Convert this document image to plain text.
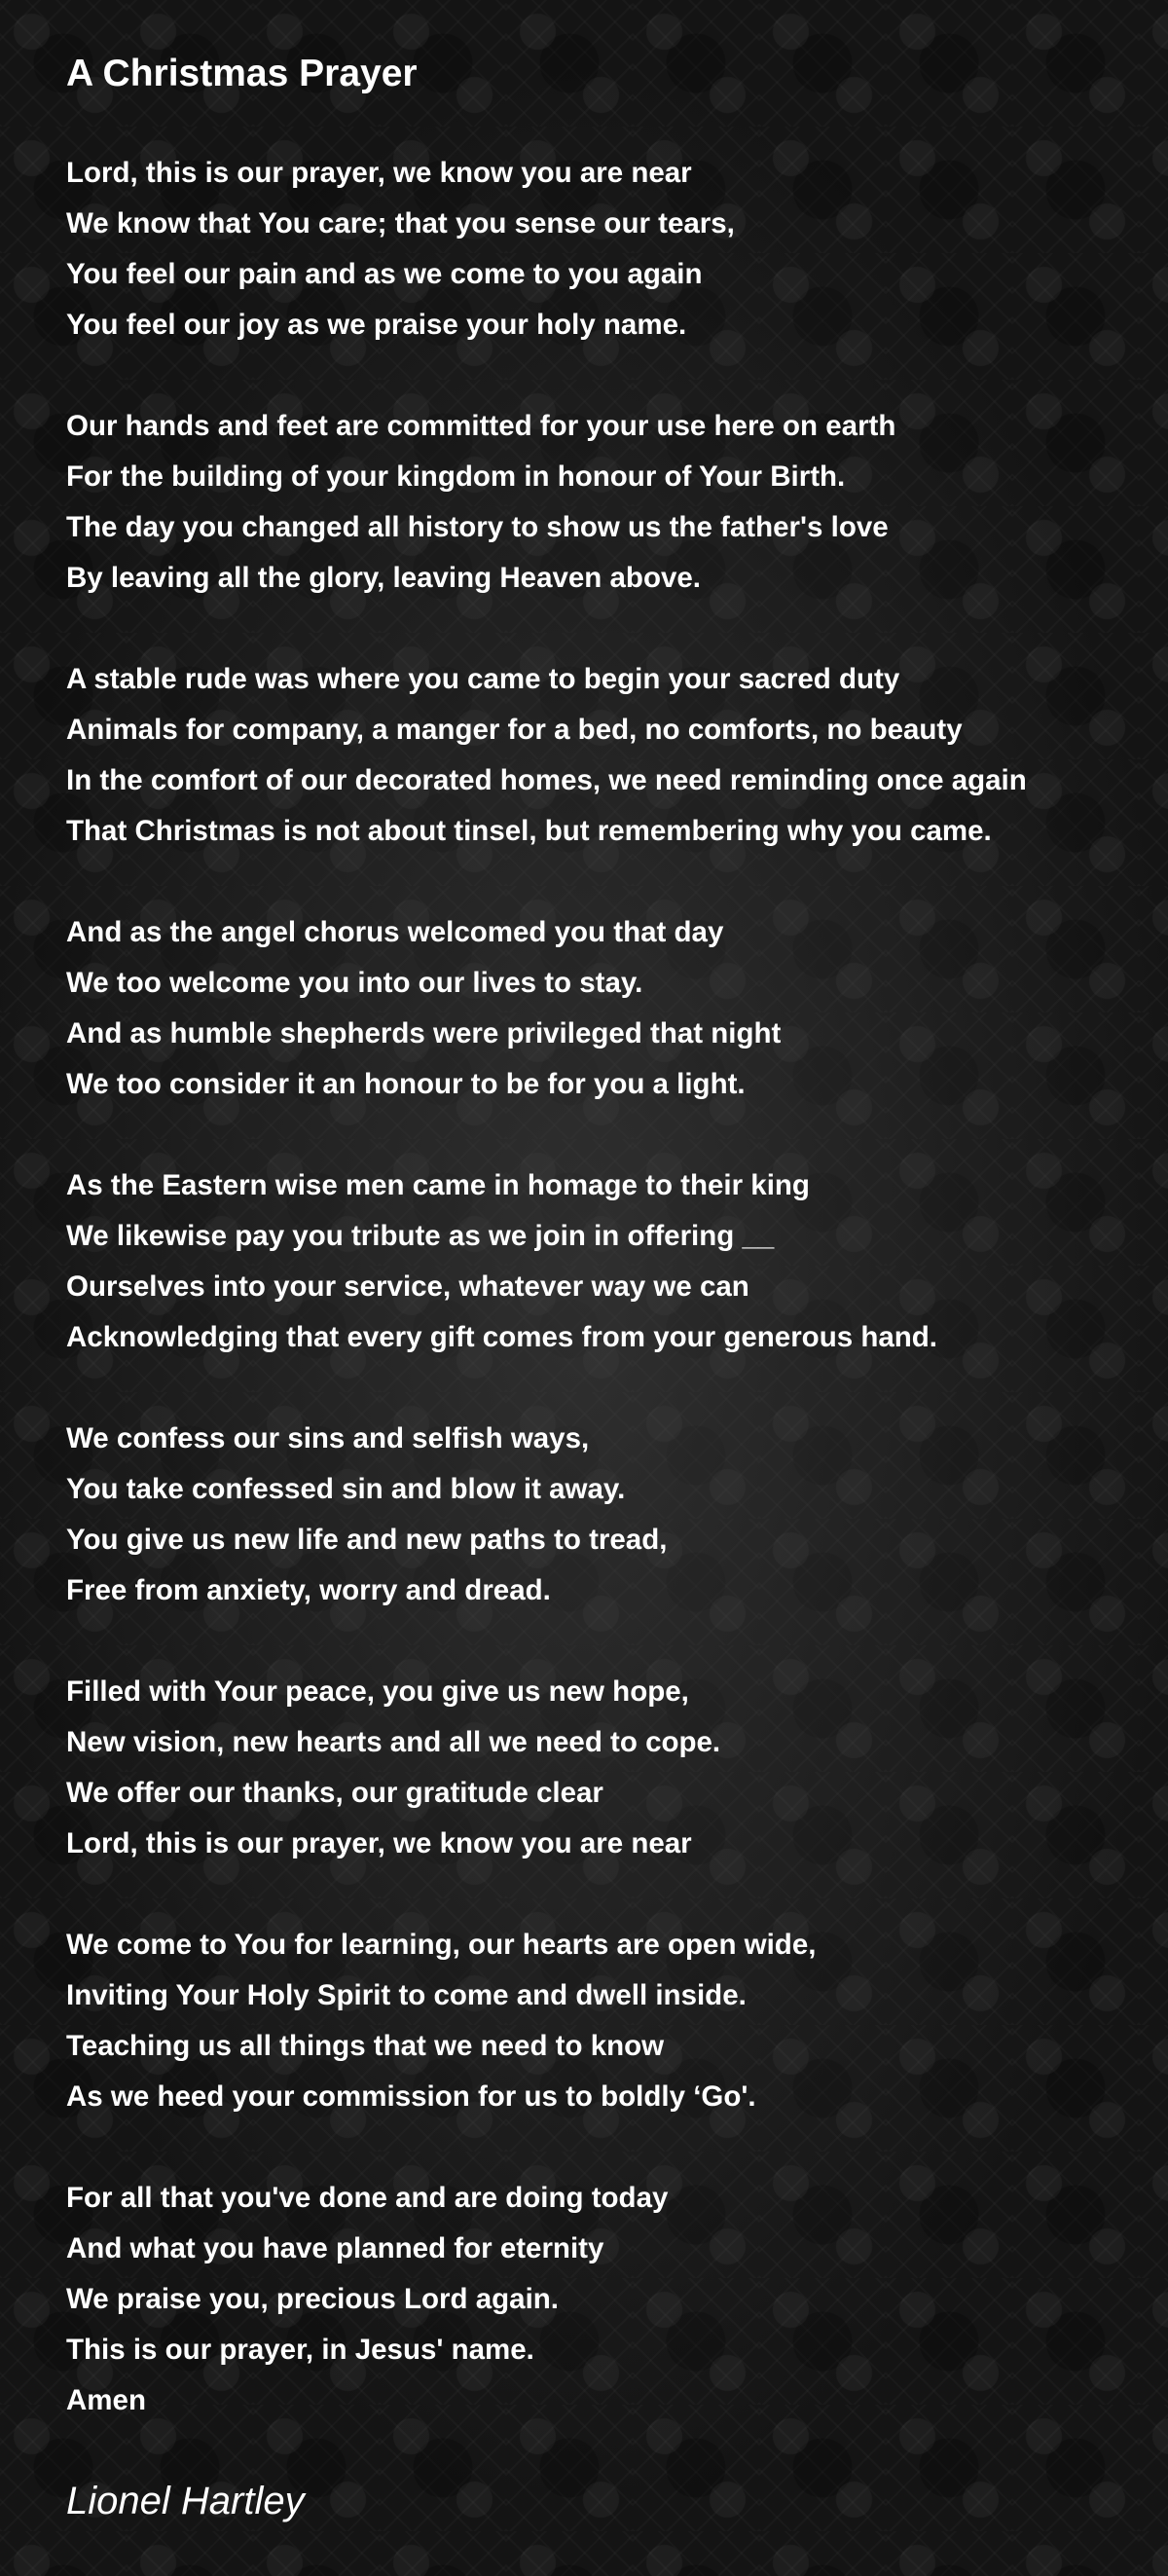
A Christmas Prayer
Lord, this is our prayer, we know you are near
We know that You care; that you sense our tears,
You feel our pain and as we come to you again
You feel our joy as we praise your holy name.
Our hands and feet are committed for your use here on earth
For the building of your kingdom in honour of Your Birth.
The day you changed all history to show us the father's love
By leaving all the glory, leaving Heaven above.
A stable rude was where you came to begin your sacred duty
Animals for company, a manger for a bed, no comforts, no beauty
In the comfort of our decorated homes, we need reminding once again
That Christmas is not about tinsel, but remembering why you came.
And as the angel chorus welcomed you that day
We too welcome you into our lives to stay.
And as humble shepherds were privileged that night
We too consider it an honour to be for you a light.
As the Eastern wise men came in homage to their king
We likewise pay you tribute as we join in offering __
Ourselves into your service, whatever way we can
Acknowledging that every gift comes from your generous hand.
We confess our sins and selfish ways,
You take confessed sin and blow it away.
You give us new life and new paths to tread,
Free from anxiety, worry and dread.
Filled with Your peace, you give us new hope,
New vision, new hearts and all we need to cope.
We offer our thanks, our gratitude clear
Lord, this is our prayer, we know you are near
We come to You for learning, our hearts are open wide,
Inviting Your Holy Spirit to come and dwell inside.
Teaching us all things that we need to know
As we heed your commission for us to boldly ‘Go'.
For all that you've done and are doing today
And what you have planned for eternity
We praise you, precious Lord again.
This is our prayer, in Jesus' name.
Amen

Lionel Hartley
